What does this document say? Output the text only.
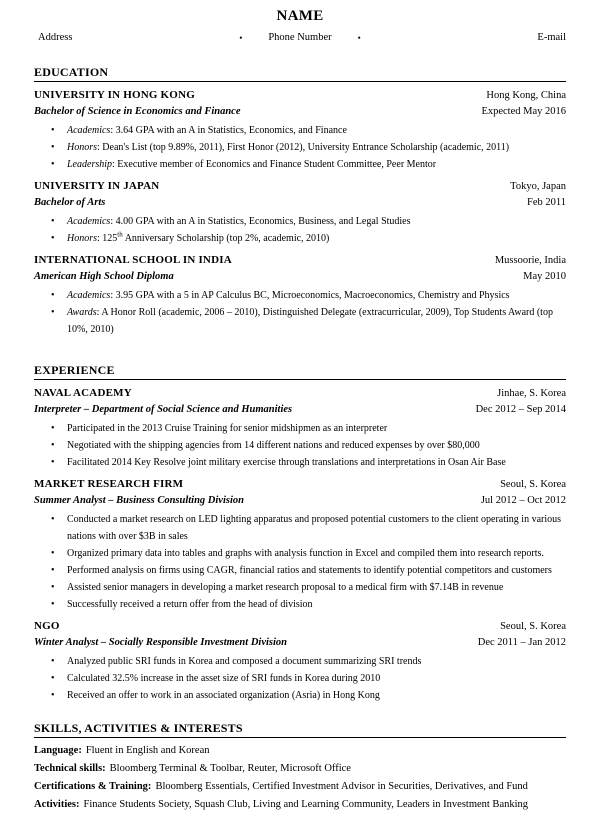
NAME
Address	• Phone Number	•	E-mail
EDUCATION
UNIVERSITY IN HONG KONG	Hong Kong, China
Bachelor of Science in Economics and Finance	Expected May 2016
• Academics: 3.64 GPA with an A in Statistics, Economics, and Finance
• Honors: Dean's List (top 9.89%, 2011), First Honor (2012), University Entrance Scholarship (academic, 2011)
• Leadership: Executive member of Economics and Finance Student Committee, Peer Mentor
UNIVERSITY IN JAPAN	Tokyo, Japan
Bachelor of Arts	Feb 2011
• Academics: 4.00 GPA with an A in Statistics, Economics, Business, and Legal Studies
• Honors: 125th Anniversary Scholarship (top 2%, academic, 2010)
INTERNATIONAL SCHOOL IN INDIA	Mussoorie, India
American High School Diploma	May 2010
• Academics: 3.95 GPA with a 5 in AP Calculus BC, Microeconomics, Macroeconomics, Chemistry and Physics
• Awards: A Honor Roll (academic, 2006 – 2010), Distinguished Delegate (extracurricular, 2009), Top Students Award (top 10%, 2010)
EXPERIENCE
NAVAL ACADEMY	Jinhae, S. Korea
Interpreter – Department of Social Science and Humanities	Dec 2012 – Sep 2014
• Participated in the 2013 Cruise Training for senior midshipmen as an interpreter
• Negotiated with the shipping agencies from 14 different nations and reduced expenses by over $80,000
• Facilitated 2014 Key Resolve joint military exercise through translations and interpretations in Osan Air Base
MARKET RESEARCH FIRM	Seoul, S. Korea
Summer Analyst – Business Consulting Division	Jul 2012 – Oct 2012
• Conducted a market research on LED lighting apparatus and proposed potential customers to the client operating in various nations with over $3B in sales
• Organized primary data into tables and graphs with analysis function in Excel and compiled them into research reports.
• Performed analysis on firms using CAGR, financial ratios and statements to identify potential competitors and customers
• Assisted senior managers in developing a market research proposal to a medical firm with $7.14B in revenue
• Successfully received a return offer from the head of division
NGO	Seoul, S. Korea
Winter Analyst – Socially Responsible Investment Division	Dec 2011 – Jan 2012
• Analyzed public SRI funds in Korea and composed a document summarizing SRI trends
• Calculated 32.5% increase in the asset size of SRI funds in Korea during 2010
• Received an offer to work in an associated organization (Asria) in Hong Kong
SKILLS, ACTIVITIES & INTERESTS
Language: Fluent in English and Korean
Technical skills: Bloomberg Terminal & Toolbar, Reuter, Microsoft Office
Certifications & Training: Bloomberg Essentials, Certified Investment Advisor in Securities, Derivatives, and Fund
Activities: Finance Students Society, Squash Club, Living and Learning Community, Leaders in Investment Banking
